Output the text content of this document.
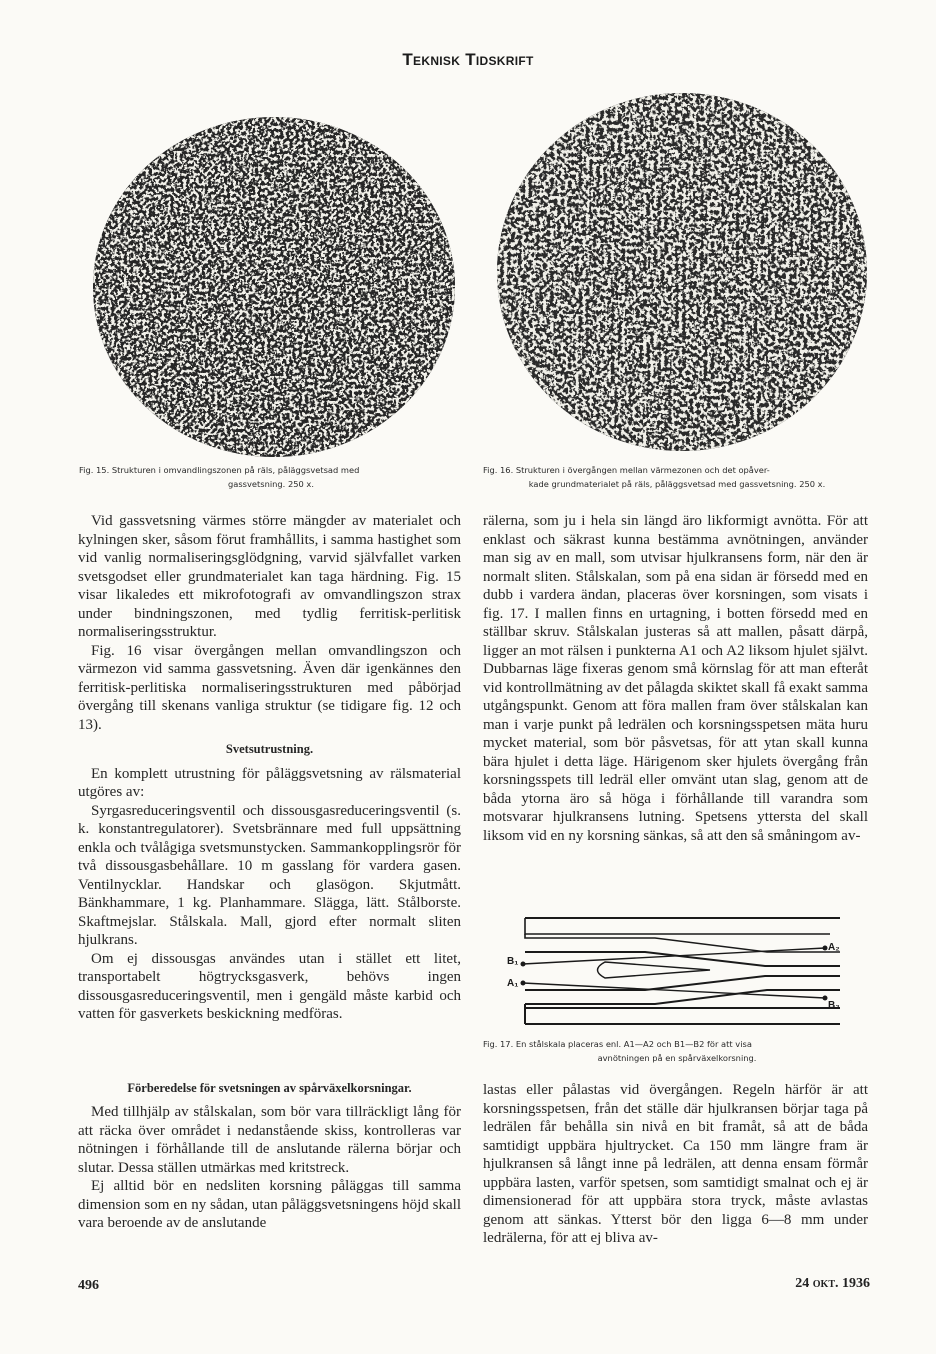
Teknisk Tidskrift
Fig. 15. Strukturen i omvandlingszonen på räls, påläggsvetsad med
gassvetsning. 250 x.
Fig. 16. Strukturen i övergången mellan värmezonen och det opåver-
kade grundmaterialet på räls, påläggsvetsad med gassvetsning. 250 x.

Vid gassvetsning värmes större mängder av materialet och kylningen sker, såsom förut framhållits, i samma hastighet som vid vanlig normaliseringsglödgning, varvid självfallet varken svetsgodset eller grundmaterialet kan taga härdning. Fig. 15 visar likaledes ett mikrofotografi av omvandlingszon strax under bindningszonen, med tydlig ferritisk-perlitisk normaliseringsstruktur.

Fig. 16 visar övergången mellan omvandlingszon och värmezon vid samma gassvetsning. Även där igenkännes den ferritisk-perlitiska normaliseringsstrukturen med påbörjad övergång till skenans vanliga struktur (se tidigare fig. 12 och 13).

Svetsutrustning.

En komplett utrustning för påläggsvetsning av rälsmaterial utgöres av:

Syrgasreduceringsventil och dissousgasreduceringsventil (s. k. konstantregulatorer). Svetsbrännare med full uppsättning enkla och tvålågiga svetsmunstycken. Sammankopplingsrör för två dissousgasbehållare. 10 m gasslang för vardera gasen. Ventilnycklar. Handskar och glasögon. Skjutmått. Bänkhammare, 1 kg. Planhammare. Slägga, lätt. Stålborste. Skaftmejslar. Stålskala. Mall, gjord efter normalt sliten hjulkrans.

Om ej dissousgas användes utan i stället ett litet, transportabelt högtrycksgasverk, behövs ingen dissousgasreduceringsventil, men i gengäld måste karbid och vatten för gasverkets beskickning medföras.

Förberedelse för svetsningen av spårväxelkorsningar.

Med tillhjälp av stålskalan, som bör vara tillräckligt lång för att räcka över området i nedanstående skiss, kontrolleras var nötningen i förhållande till de anslutande rälerna börjar och slutar. Dessa ställen utmärkas med kritstreck.

Ej alltid bör en nedsliten korsning påläggas till samma dimension som en ny sådan, utan påläggsvetsningens höjd skall vara beroende av de anslutande

rälerna, som ju i hela sin längd äro likformigt avnötta. För att enklast och säkrast kunna bestämma avnötningen, använder man sig av en mall, som utvisar hjulkransens form, när den är normalt sliten. Stålskalan, som på ena sidan är försedd med en dubb i vardera ändan, placeras över korsningen, som visats i fig. 17. I mallen finns en urtagning, i botten försedd med en ställbar skruv. Stålskalan justeras så att mallen, påsatt därpå, ligger an mot rälsen i punkterna A1 och A2 liksom hjulet självt. Dubbarnas läge fixeras genom små körnslag för att man efteråt vid kontrollmätning av det pålagda skiktet skall få exakt samma utgångspunkt. Genom att föra mallen fram över stålskalan kan man i varje punkt på ledrälen och korsningsspetsen mäta huru mycket material, som bör påsvetsas, för att ytan skall kunna bära hjulet i detta läge. Härigenom sker hjulets övergång från korsningsspets till ledräl eller omvänt utan slag, genom att de båda ytorna äro så höga i förhållande till varandra som motsvarar hjulkransens lutning. Spetsens yttersta del skall liksom vid en ny korsning sänkas, så att den så småningom av-

B₁
A₁
A₂
B₂
Fig. 17. En stålskala placeras enl. A1—A2 och B1—B2 för att visa
avnötningen på en spårväxelkorsning.

lastas eller pålastas vid övergången. Regeln härför är att korsningsspetsen, från det ställe där hjulkransen börjar taga på ledrälen får behålla sin nivå en bit framåt, så att de båda samtidigt uppbära hjultrycket. Ca 150 mm längre fram är hjulkransen så långt inne på ledrälen, att denna ensam förmår uppbära lasten, varför spetsen, som samtidigt smalnat och ej är dimensionerad för att uppbära stora tryck, måste avlastas genom att sänkas. Ytterst bör den ligga 6—8 mm under ledrälerna, för att ej bliva av-

496	24 okt. 1936
